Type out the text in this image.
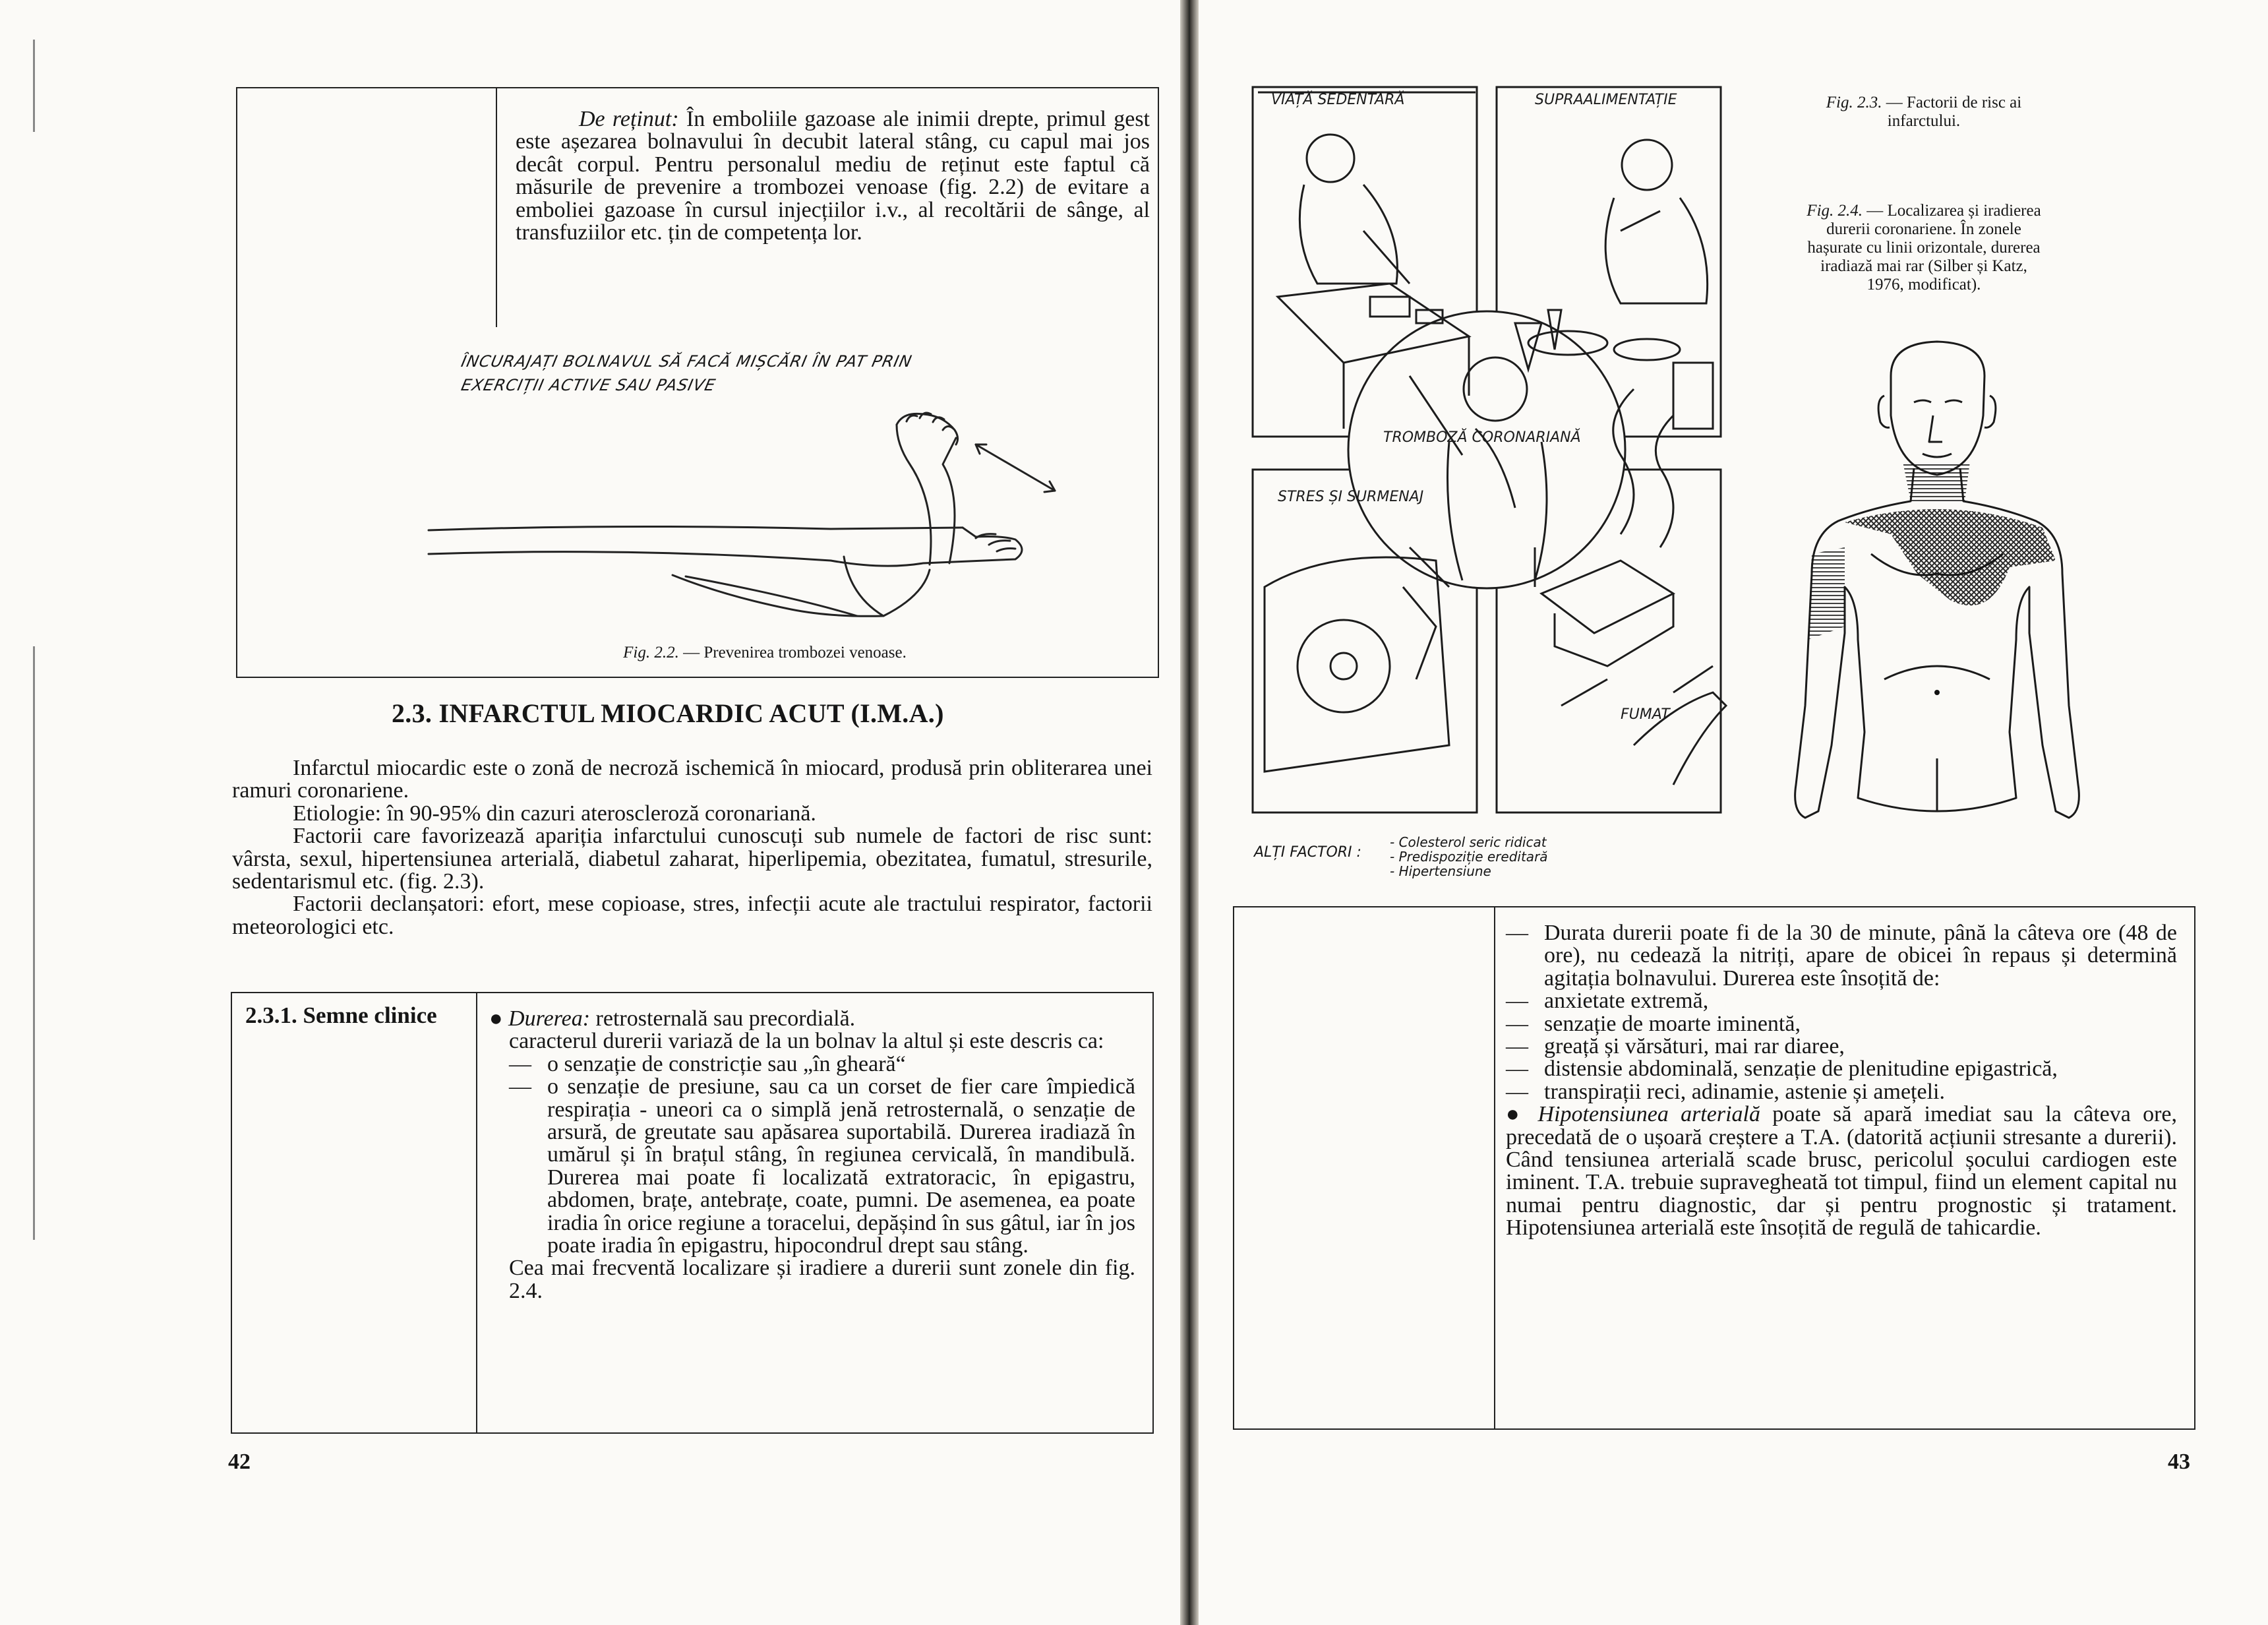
De reținut: În emboliile gazoase ale inimii drepte, primul gest este așezarea bolnavului în decubit lateral stâng, cu capul mai jos decât corpul. Pentru personalul mediu de reținut este faptul că măsurile de prevenire a trombozei venoase (fig. 2.2) de evitare a emboliei gazoase în cursul injecțiilor i.v., al recoltării de sânge, al transfuziilor etc. țin de competența lor.
ÎNCURAJAȚI BOLNAVUL SĂ FACĂ MIȘCĂRI ÎN PAT PRIN
EXERCIȚII ACTIVE SAU PASIVE
Fig. 2.2. — Prevenirea trombozei venoase.
2.3. INFARCTUL MIOCARDIC ACUT (I.M.A.)

Infarctul miocardic este o zonă de necroză ischemică în miocard, produsă prin obliterarea unei ramuri coronariene.

Etiologie: în 90-95% din cazuri ateroscleroză coronariană.

Factorii care favorizează apariția infarctului cunoscuți sub numele de factori de risc sunt: vârsta, sexul, hipertensiunea arterială, diabetul zaharat, hiperlipemia, obezitatea, fumatul, stresurile, sedentarismul etc. (fig. 2.3).

Factorii declanșatori: efort, mese copioase, stres, infecții acute ale tractului respirator, factorii meteorologici etc.

2.3.1. Semne clinice	● Durerea: retrosternală sau precordială.
caracterul durerii variază de la un bolnav la altul și este descris ca:
— o senzație de constricție sau „în gheară“
— o senzație de presiune, sau ca un corset de fier care împiedică respirația - uneori ca o simplă jenă retrosternală, o senzație de arsură, de greutate sau apăsarea suportabilă. Durerea iradiază în umărul și în brațul stâng, în regiunea cervicală, în mandibulă. Durerea mai poate fi localizată extratoracic, în epigastru, abdomen, brațe, antebrațe, coate, pumni. De asemenea, ea poate iradia în orice regiune a toracelui, depășind în sus gâtul, iar în jos poate iradia în epigastru, hipocondrul drept sau stâng.
Cea mai frecventă localizare și iradiere a durerii sunt zonele din fig. 2.4.
42
VIAȚĂ SEDENTARĂ	SUPRAALIMENTAȚIE
TROMBOZĂ CORONARIANĂ
STRES ȘI SURMENAJ
FUMAT
ALȚI FACTORI :
- Colesterol seric ridicat
- Predispoziție ereditară
- Hipertensiune
Fig. 2.3. — Factorii de risc ai infarctului.
Fig. 2.4. — Localizarea și iradierea durerii coronariene. În zonele hașurate cu linii orizontale, durerea iradiază mai rar (Silber și Katz, 1976, modificat).
— Durata durerii poate fi de la 30 de minute, până la câteva ore (48 de ore), nu cedează la nitriți, apare de obicei în repaus și determină agitația bolnavului. Durerea este însoțită de:
— anxietate extremă,
— senzație de moarte iminentă,
— greață și vărsături, mai rar diaree,
— distensie abdominală, senzație de plenitudine epigastrică,
— transpirații reci, adinamie, astenie și amețeli.
● Hipotensiunea arterială poate să apară imediat sau la câteva ore, precedată de o ușoară creștere a T.A. (datorită acțiunii stresante a durerii). Când tensiunea arterială scade brusc, pericolul șocului cardiogen este iminent. T.A. trebuie supravegheată tot timpul, fiind un element capital nu numai pentru diagnostic, dar și pentru prognostic și tratament. Hipotensiunea arterială este însoțită de regulă de tahicardie.
43
